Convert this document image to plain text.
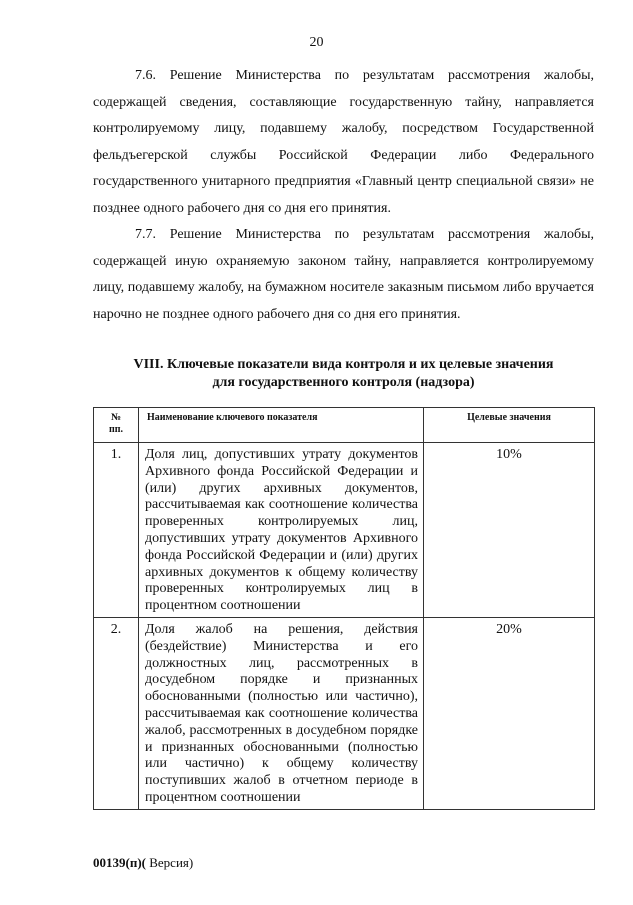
20

7.6. Решение Министерства по результатам рассмотрения жалобы, содержащей сведения, составляющие государственную тайну, направляется контролируемому лицу, подавшему жалобу, посредством Государственной фельдъегерской службы Российской Федерации либо Федерального государственного унитарного предприятия «Главный центр специальной связи» не позднее одного рабочего дня со дня его принятия.

7.7. Решение Министерства по результатам рассмотрения жалобы, содержащей иную охраняемую законом тайну, направляется контролируемому лицу, подавшему жалобу, на бумажном носителе заказным письмом либо вручается нарочно не позднее одного рабочего дня со дня его принятия.

VIII. Ключевые показатели вида контроля и их целевые значения
для государственного контроля (надзора)
№
пп.	Наименование ключевого показателя	Целевые значения
1.	Доля лиц, допустивших утрату документов Архивного фонда Российской Федерации и (или) других архивных документов, рассчитываемая как соотношение количества проверенных контролируемых лиц, допустивших утрату документов Архивного фонда Российской Федерации и (или) других архивных документов к общему количеству проверенных контролируемых лиц в процентном соотношении	10%
2.	Доля жалоб на решения, действия (бездействие) Министерства и его должностных лиц, рассмотренных в досудебном порядке и признанных обоснованными (полностью или частично), рассчитываемая как соотношение количества жалоб, рассмотренных в досудебном порядке и признанных обоснованными (полностью или частично) к общему количеству поступивших жалоб в отчетном периоде в процентном соотношении	20%
00139(п)( Версия)
